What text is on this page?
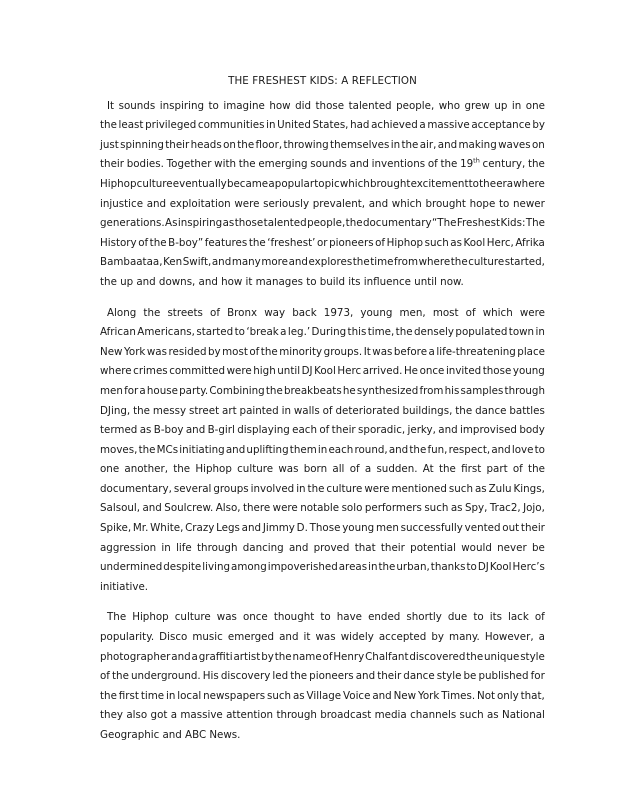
THE FRESHEST KIDS: A REFLECTION
It sounds inspiring to imagine how did those talented people, who grew up in one
the least privileged communities in United States, had achieved a massive acceptance by
just spinning their heads on the floor, throwing themselves in the air, and making waves on
their bodies. Together with the emerging sounds and inventions of the 19th century, the
Hiphop culture eventually became a popular topic which brought excitement to the era where
injustice and exploitation were seriously prevalent, and which brought hope to newer
generations. As inspiring as those talented people, the documentary “The Freshest Kids: The
History of the B-boy” features the ‘freshest’ or pioneers of Hiphop such as Kool Herc, Afrika
Bambaataa, Ken Swift, and many more and explores the time from where the culture started,
the up and downs, and how it manages to build its influence until now.
Along the streets of Bronx way back 1973, young men, most of which were
African Americans, started to ‘break a leg.’ During this time, the densely populated town in
New York was resided by most of the minority groups. It was before a life-threatening place
where crimes committed were high until DJ Kool Herc arrived. He once invited those young
men for a house party. Combining the breakbeats he synthesized from his samples through
DJing, the messy street art painted in walls of deteriorated buildings, the dance battles
termed as B-boy and B-girl displaying each of their sporadic, jerky, and improvised body
moves, the MCs initiating and uplifting them in each round, and the fun, respect, and love to
one another, the Hiphop culture was born all of a sudden. At the first part of the
documentary, several groups involved in the culture were mentioned such as Zulu Kings,
Salsoul, and Soulcrew. Also, there were notable solo performers such as Spy, Trac2, Jojo,
Spike, Mr. White, Crazy Legs and Jimmy D. Those young men successfully vented out their
aggression in life through dancing and proved that their potential would never be
undermined despite living among impoverished areas in the urban, thanks to DJ Kool Herc’s
initiative.
The Hiphop culture was once thought to have ended shortly due to its lack of
popularity. Disco music emerged and it was widely accepted by many. However, a
photographer and a graffiti artist by the name of Henry Chalfant discovered the unique style
of the underground. His discovery led the pioneers and their dance style be published for
the first time in local newspapers such as Village Voice and New York Times. Not only that,
they also got a massive attention through broadcast media channels such as National
Geographic and ABC News.
